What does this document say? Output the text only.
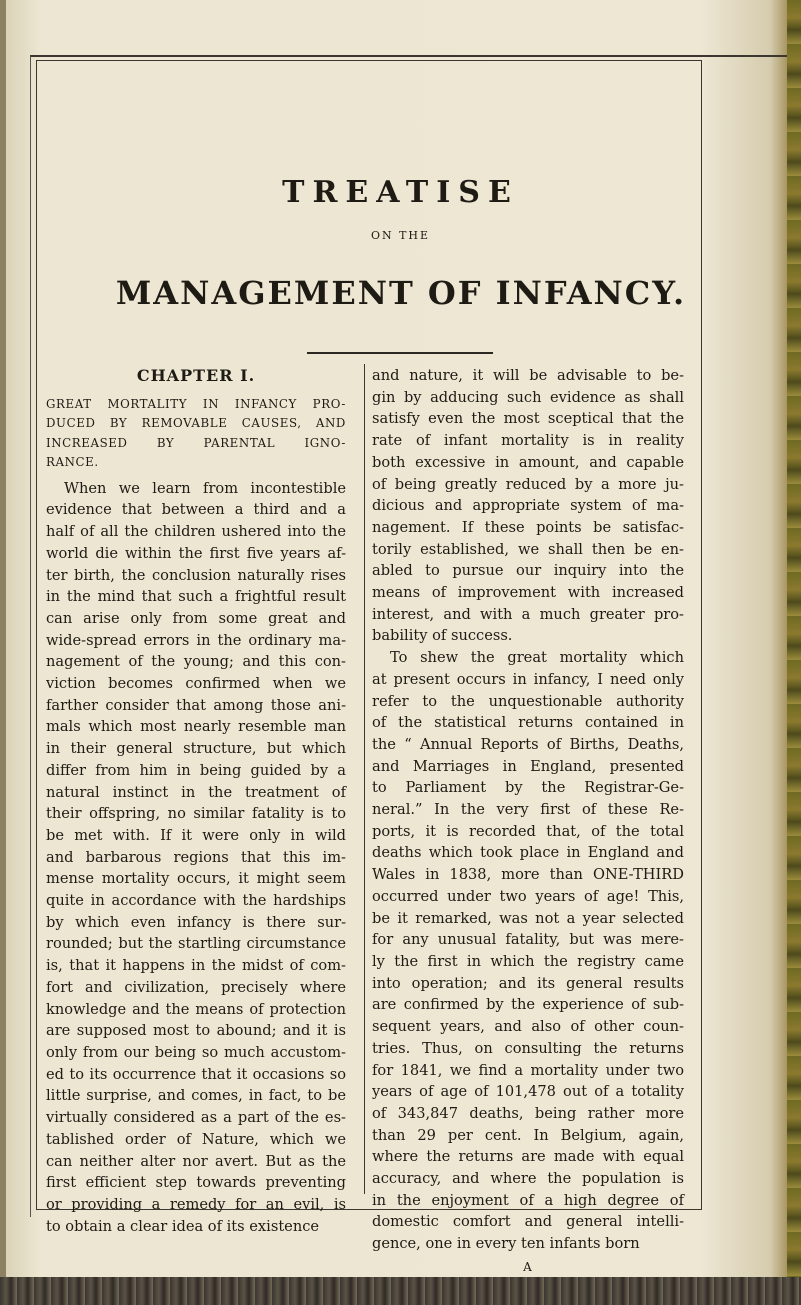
TREATISE

ON THE

MANAGEMENT OF INFANCY.
CHAPTER I.
GREAT MORTALITY IN INFANCY PRO-
DUCED BY REMOVABLE CAUSES, AND
INCREASED BY PARENTAL IGNO-
RANCE.
When we learn from incontestible
evidence that between a third and a
half of all the children ushered into the
world die within the first five years af-
ter birth, the conclusion naturally rises
in the mind that such a frightful result
can arise only from some great and
wide-spread errors in the ordinary ma-
nagement of the young; and this con-
viction becomes confirmed when we
farther consider that among those ani-
mals which most nearly resemble man
in their general structure, but which
differ from him in being guided by a
natural instinct in the treatment of
their offspring, no similar fatality is to
be met with. If it were only in wild
and barbarous regions that this im-
mense mortality occurs, it might seem
quite in accordance with the hardships
by which even infancy is there sur-
rounded; but the startling circumstance
is, that it happens in the midst of com-
fort and civilization, precisely where
knowledge and the means of protection
are supposed most to abound; and it is
only from our being so much accustom-
ed to its occurrence that it occasions so
little surprise, and comes, in fact, to be
virtually considered as a part of the es-
tablished order of Nature, which we
can neither alter nor avert. But as the
first efficient step towards preventing
or providing a remedy for an evil, is
to obtain a clear idea of its existence
and nature, it will be advisable to be-
gin by adducing such evidence as shall
satisfy even the most sceptical that the
rate of infant mortality is in reality
both excessive in amount, and capable
of being greatly reduced by a more ju-
dicious and appropriate system of ma-
nagement. If these points be satisfac-
torily established, we shall then be en-
abled to pursue our inquiry into the
means of improvement with increased
interest, and with a much greater pro-
bability of success.
To shew the great mortality which
at present occurs in infancy, I need only
refer to the unquestionable authority
of the statistical returns contained in
the “ Annual Reports of Births, Deaths,
and Marriages in England, presented
to Parliament by the Registrar-Ge-
neral.” In the very first of these Re-
ports, it is recorded that, of the total
deaths which took place in England and
Wales in 1838, more than ONE-THIRD
occurred under two years of age! This,
be it remarked, was not a year selected
for any unusual fatality, but was mere-
ly the first in which the registry came
into operation; and its general results
are confirmed by the experience of sub-
sequent years, and also of other coun-
tries. Thus, on consulting the returns
for 1841, we find a mortality under two
years of age of 101,478 out of a totality
of 343,847 deaths, being rather more
than 29 per cent. In Belgium, again,
where the returns are made with equal
accuracy, and where the population is
in the enjoyment of a high degree of
domestic comfort and general intelli-
gence, one in every ten infants born

A
